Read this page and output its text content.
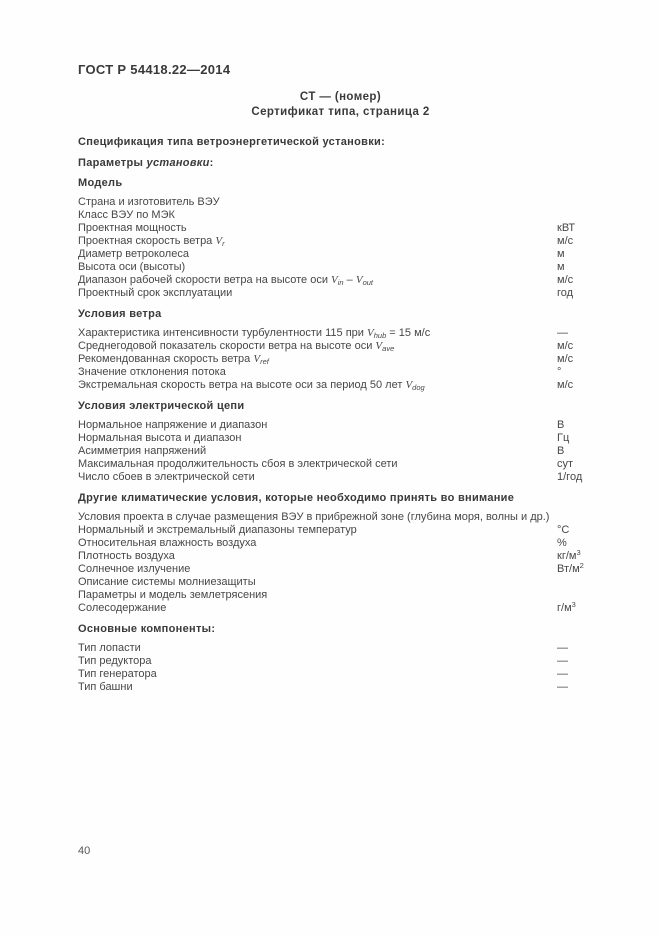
ГОСТ Р 54418.22—2014
СТ — (номер)
Сертификат типа, страница 2
Спецификация типа ветроэнергетической установки:
Параметры установки:
Модель
Страна и изготовитель ВЭУ
Класс ВЭУ по МЭК
Проектная мощность	кВТ
Проектная скорость ветра $V_r$	м/с
Диаметр ветроколеса	м
Высота оси (высоты)	м
Диапазон рабочей скорости ветра на высоте оси $V_{in} - V_{out}$	м/с
Проектный срок эксплуатации	год
Условия ветра
Характеристика интенсивности турбулентности 115 при $V_{hub} = 15$ м/с	—
Среднегодовой показатель скорости ветра на высоте оси $V_{ave}$	м/с
Рекомендованная скорость ветра $V_{ref}$	м/с
Значение отклонения потока	°
Экстремальная скорость ветра на высоте оси за период 50 лет $V_{dog}$	м/с
Условия электрической цепи
Нормальное напряжение и диапазон	В
Нормальная высота и диапазон	Гц
Асимметрия напряжений	В
Максимальная продолжительность сбоя в электрической сети	сут
Число сбоев в электрической сети	1/год
Другие климатические условия, которые необходимо принять во внимание
Условия проекта в случае размещения ВЭУ в прибрежной зоне (глубина моря, волны и др.)
Нормальный и экстремальный диапазоны температур	°С
Относительная влажность воздуха	%
Плотность воздуха	$кг/м^3$
Солнечное излучение	$Вт/м^2$
Описание системы молниезащиты
Параметры и модель землетрясения
Солесодержание	$г/м^3$
Основные компоненты:
Тип лопасти	—
Тип редуктора	—
Тип генератора	—
Тип башни	—
40
